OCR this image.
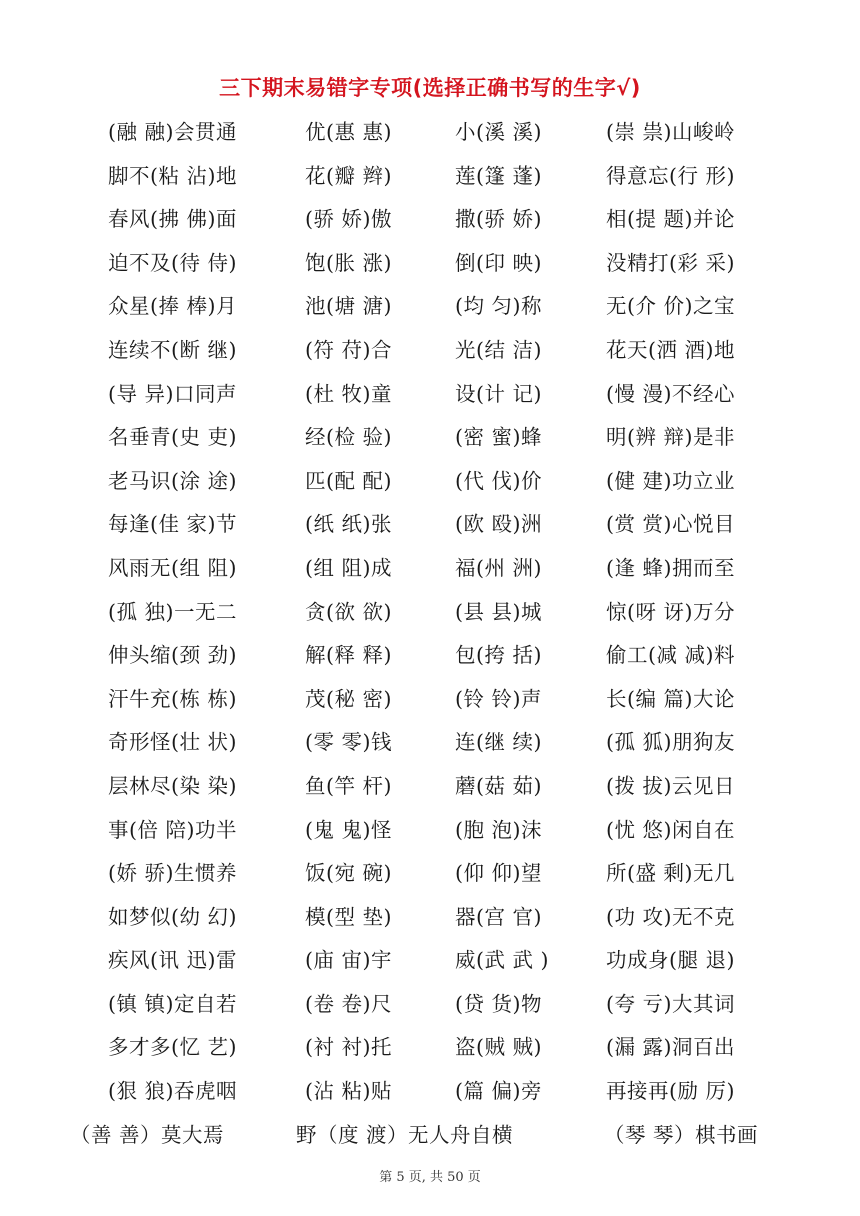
三下期末易错字专项(选择正确书写的生字√)
(融 融)会贯通	优(惠 惠)	小(溪 溪)	(崇 祟)山峻岭
脚不(粘 沾)地	花(瓣 辫)	莲(篷 蓬)	得意忘(行 形)
春风(拂 佛)面	(骄 娇)傲	撒(骄 娇)	相(提 题)并论
迫不及(待 侍)	饱(胀 涨)	倒(印 映)	没精打(彩 采)
众星(捧 棒)月	池(塘 溏)	(均 匀)称	无(介 价)之宝
连续不(断 继)	(符 苻)合	光(结 洁)	花天(洒 酒)地
(导 异)口同声	(杜 牧)童	设(计 记)	(慢 漫)不经心
名垂青(史 吏)	经(检 验)	(密 蜜)蜂	明(辨 辩)是非
老马识(涂 途)	匹(配 配)	(代 伐)价	(健 建)功立业
每逢(佳 家)节	(纸 纸)张	(欧 殴)洲	(赏 赏)心悦目
风雨无(组 阻)	(组 阻)成	福(州 洲)	(逢 蜂)拥而至
(孤 独)一无二	贪(欲 欲)	(县 县)城	惊(呀 讶)万分
伸头缩(颈 劲)	解(释 释)	包(挎 括)	偷工(减 减)料
汗牛充(栋 栋)	茂(秘 密)	(铃 铃)声	长(编 篇)大论
奇形怪(壮 状)	(零 零)钱	连(继 续)	(孤 狐)朋狗友
层林尽(染 染)	鱼(竿 杆)	蘑(菇 茹)	(拨 拔)云见日
事(倍 陪)功半	(鬼 鬼)怪	(胞 泡)沫	(忧 悠)闲自在
(娇 骄)生惯养	饭(宛 碗)	(仰 仰)望	所(盛 剩)无几
如梦似(幼 幻)	模(型 垫)	器(宫 官)	(功 攻)无不克
疾风(讯 迅)雷	(庙 宙)宇	威(武 武 )	功成身(腿 退)
(镇 镇)定自若	(卷 卷)尺	(贷 货)物	(夸 亏)大其词
多才多(忆 艺)	(衬 衬)托	盗(贼 贼)	(漏 露)洞百出
(狠 狼)吞虎咽	(沾 粘)贴	(篇 偏)旁	再接再(励 厉)
（善 善）莫大焉	野（度 渡）无人舟自横	（琴 琴）棋书画
第 5 页, 共 50 页
